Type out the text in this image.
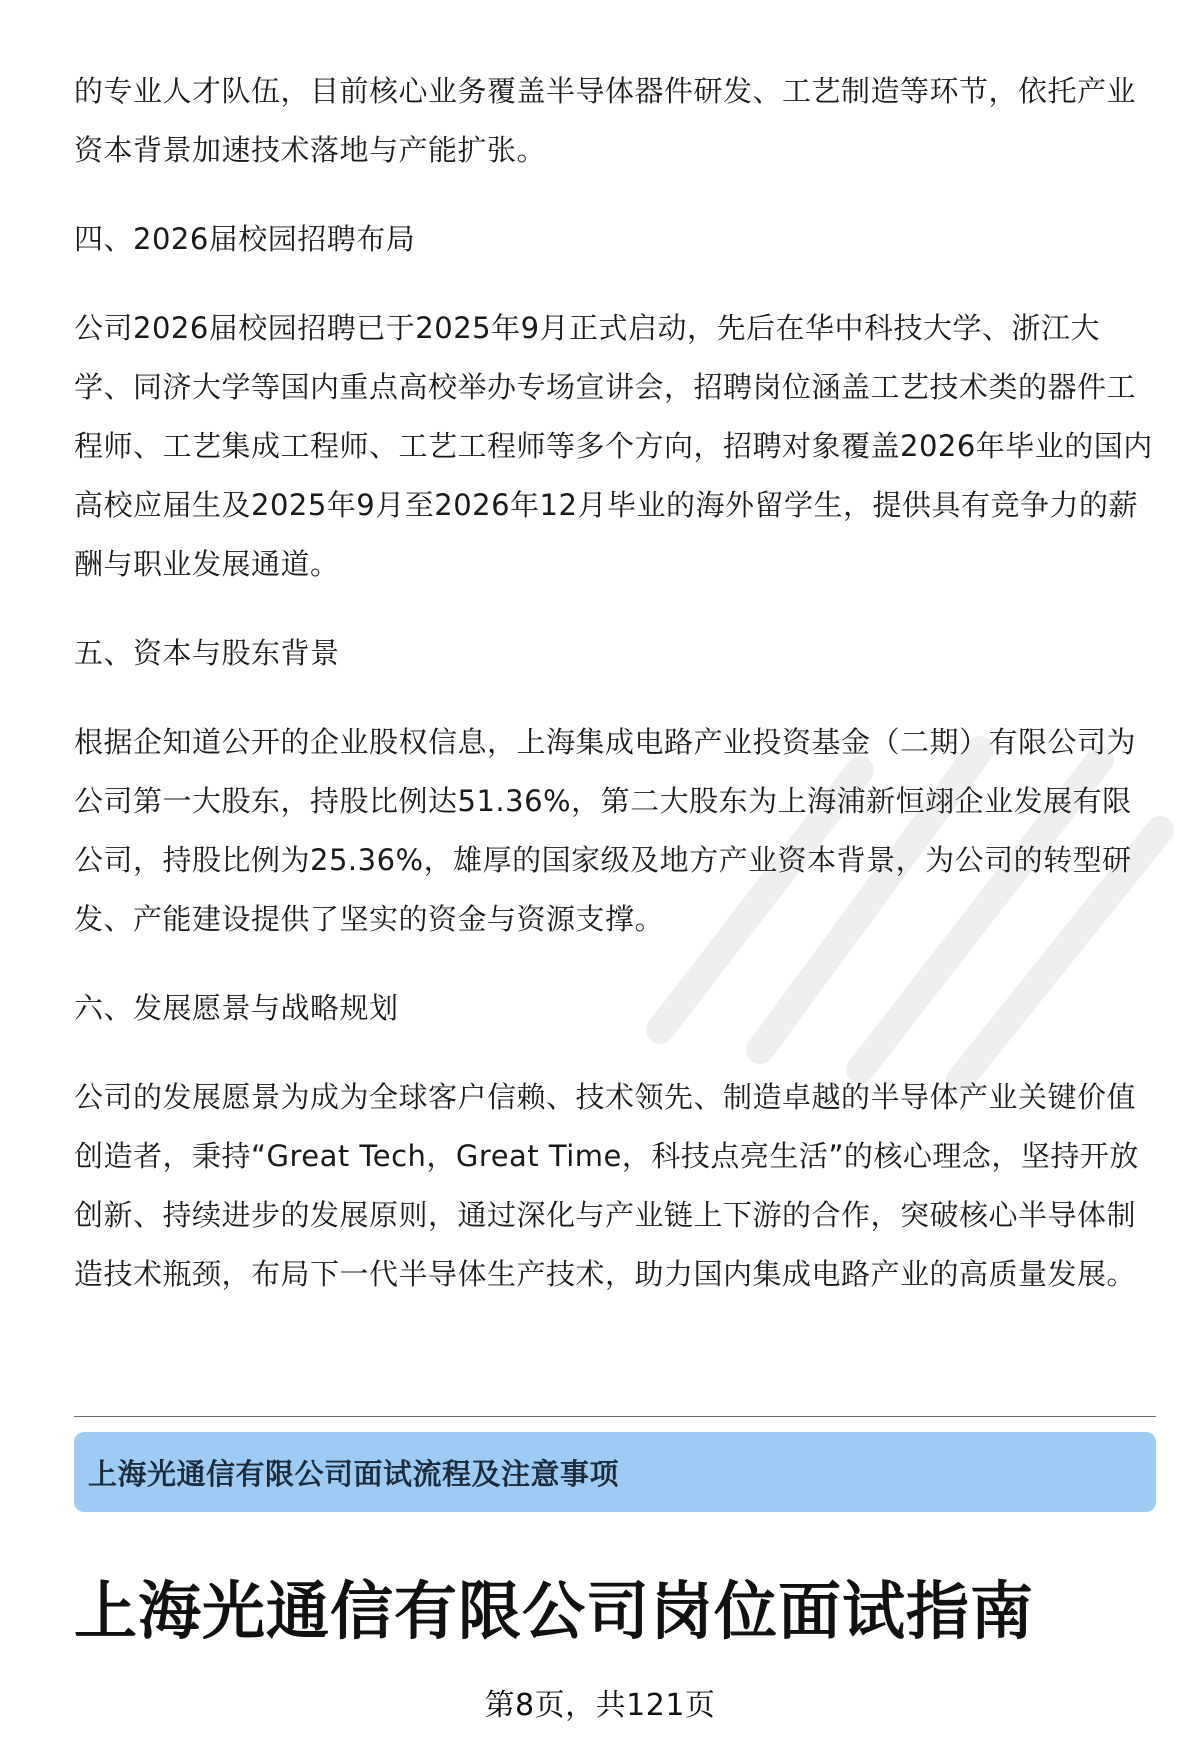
的专业人才队伍，目前核心业务覆盖半导体器件研发、工艺制造等环节，依托产业资本背景加速技术落地与产能扩张。

四、2026届校园招聘布局

公司2026届校园招聘已于2025年9月正式启动，先后在华中科技大学、浙江大学、同济大学等国内重点高校举办专场宣讲会，招聘岗位涵盖工艺技术类的器件工程师、工艺集成工程师、工艺工程师等多个方向，招聘对象覆盖2026年毕业的国内高校应届生及2025年9月至2026年12月毕业的海外留学生，提供具有竞争力的薪酬与职业发展通道。

五、资本与股东背景

根据企知道公开的企业股权信息，上海集成电路产业投资基金（二期）有限公司为公司第一大股东，持股比例达51.36%，第二大股东为上海浦新恒翊企业发展有限公司，持股比例为25.36%，雄厚的国家级及地方产业资本背景，为公司的转型研发、产能建设提供了坚实的资金与资源支撑。

六、发展愿景与战略规划

公司的发展愿景为成为全球客户信赖、技术领先、制造卓越的半导体产业关键价值创造者，秉持“Great Tech，Great Time，科技点亮生活”的核心理念，坚持开放创新、持续进步的发展原则，通过深化与产业链上下游的合作，突破核心半导体制造技术瓶颈，布局下一代半导体生产技术，助力国内集成电路产业的高质量发展。

上海光通信有限公司面试流程及注意事项
上海光通信有限公司岗位面试指南
第8页，共121页
